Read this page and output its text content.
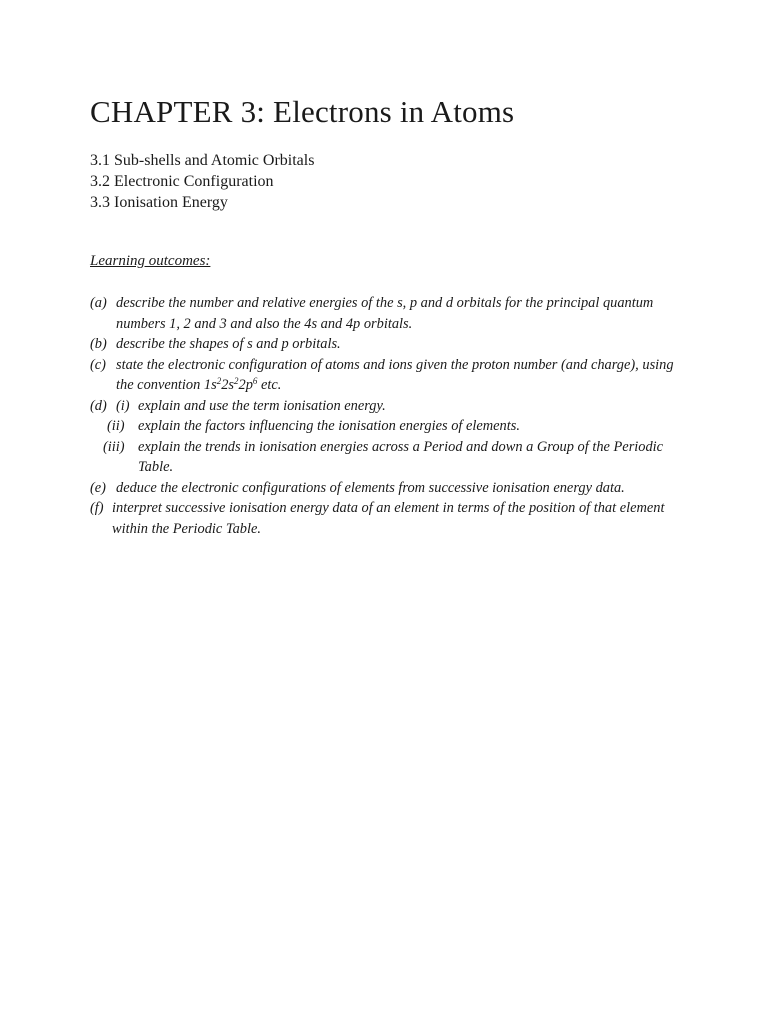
CHAPTER 3: Electrons in Atoms
3.1 Sub-shells and Atomic Orbitals
3.2 Electronic Configuration
3.3 Ionisation Energy
Learning outcomes:
(a) describe the number and relative energies of the s, p and d orbitals for the principal quantum numbers 1, 2 and 3 and also the 4s and 4p orbitals.
(b) describe the shapes of s and p orbitals.
(c) state the electronic configuration of atoms and ions given the proton number (and charge), using the convention $1s^22s^22p^6$ etc.
(d) (i) explain and use the term ionisation energy.
(ii) explain the factors influencing the ionisation energies of elements.
(iii) explain the trends in ionisation energies across a Period and down a Group of the Periodic Table.
(e) deduce the electronic configurations of elements from successive ionisation energy data.
(f) interpret successive ionisation energy data of an element in terms of the position of that element within the Periodic Table.
